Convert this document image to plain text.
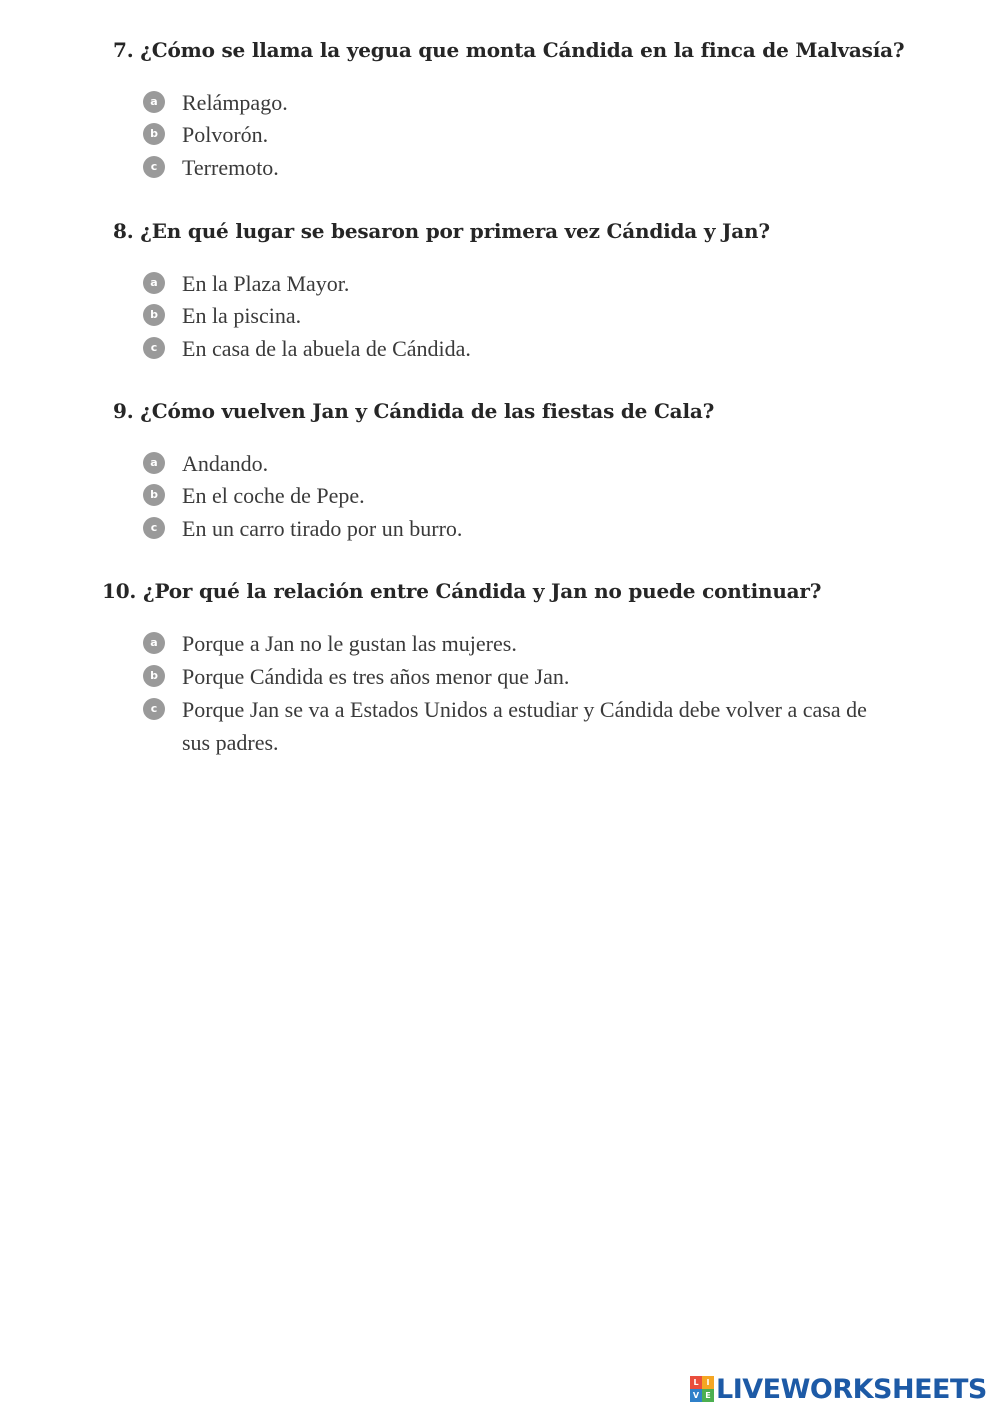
7. ¿Cómo se llama la yegua que monta Cándida en la finca de Malvasía?
a	Relámpago.
b	Polvorón.
c	Terremoto.
8. ¿En qué lugar se besaron por primera vez Cándida y Jan?
a	En la Plaza Mayor.
b	En la piscina.
c	En casa de la abuela de Cándida.
9. ¿Cómo vuelven Jan y Cándida de las fiestas de Cala?
a	Andando.
b	En el coche de Pepe.
c	En un carro tirado por un burro.
10. ¿Por qué la relación entre Cándida y Jan no puede continuar?
a	Porque a Jan no le gustan las mujeres.
b	Porque Cándida es tres años menor que Jan.
c	Porque Jan se va a Estados Unidos a estudiar y Cándida debe volver a casa de sus padres.
L I
V E LIVEWORKSHEETS
